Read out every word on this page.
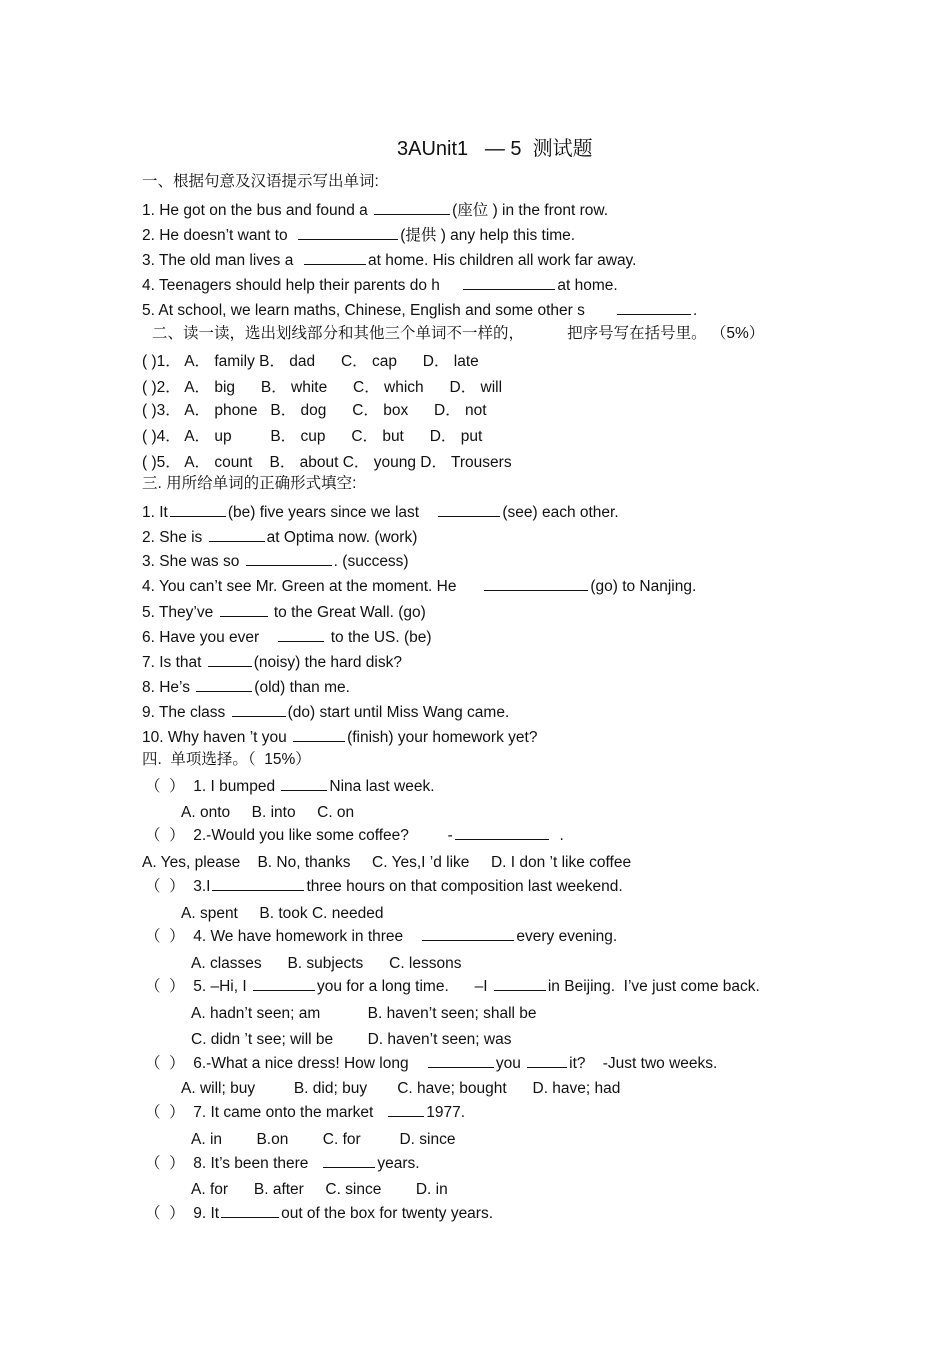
3AUnit1   — 5  测试题
一、根据句意及汉语提示写出单词:
1. He got on the bus and found a	(座位 ) in the front row.
2. He doesn’t want to	(提供 ) any help this time.
3. The old man lives a	at home. His children all work far away.
4. Teenagers should help their parents do h	at home.
5. At school, we learn maths, Chinese, English and some other s	.
二、读一读，选出划线部分和其他三个单词不一样的，          把序号写在括号里。 （5%）
( )1． A． family B． dad      C． cap      D． late
( )2． A． big      B． white      C． which      D． will
( )3． A． phone   B． dog      C． box      D． not
( )4． A． up         B． cup      C． but      D． put
( )5． A． count    B． about C． young D． Trousers
三. 用所给单词的正确形式填空:
1. It	(be) five years since we last	(see) each other.
2. She is	at Optima now. (work)
3. She was so	. (success)
4. You can’t see Mr. Green at the moment. He	(go) to Nanjing.
5. They’ve	to the Great Wall. (go)
6. Have you ever	to the US. (be)
7. Is that	(noisy) the hard disk?
8. He’s	(old) than me.
9. The class	(do) start until Miss Wang came.
10. Why haven ’t you	(finish) your homework yet?
四.  单项选择。（  15%）
（  ）  1. I bumped	Nina last week.
A. onto     B. into     C. on
（  ）  2.-Would you like some coffee?         -	.
A. Yes, please    B. No, thanks     C. Yes,I ’d like     D. I don ’t like coffee
（  ）  3.I	three hours on that composition last weekend.
A. spent     B. took C. needed
（  ）  4. We have homework in three	every evening.
A. classes      B. subjects      C. lessons
（  ）  5. –Hi, I	you for a long time.      –I	in Beijing.  I’ve just come back.
A. hadn’t seen; am           B. haven’t seen; shall be
C. didn ’t see; will be        D. haven’t seen; was
（  ）  6.-What a nice dress! How long	you	it?    -Just two weeks.
A. will; buy         B. did; buy       C. have; bought      D. have; had
（  ）  7. It came onto the market	1977.
A. in        B.on        C. for         D. since
（  ）  8. It’s been there	years.
A. for      B. after     C. since        D. in
（  ）  9. It	out of the box for twenty years.
